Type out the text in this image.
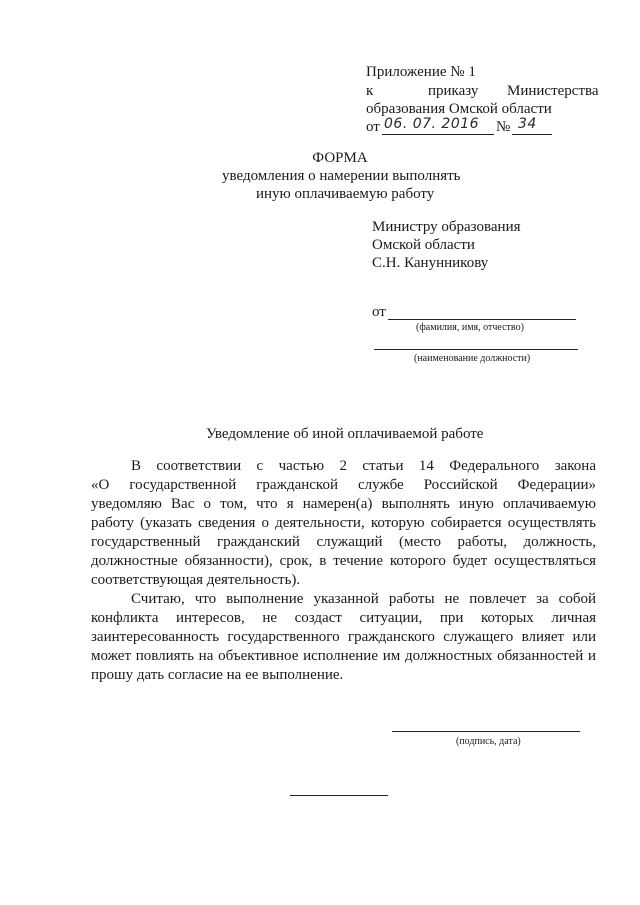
Приложение № 1
к	приказу Министерства
образования Омской области
от 06. 07. 2016 № 34
ФОРМА
уведомления о намерении выполнять
иную оплачиваемую работу
Министру образования
Омской области
С.Н. Канунникову
от
(фамилия, имя, отчество)
(наименование должности)
Уведомление об иной оплачиваемой работе
В соответствии с частью 2 статьи 14 Федерального закона
«О государственной гражданской службе Российской Федерации»
уведомляю Вас о том, что я намерен(а) выполнять иную оплачиваемую
работу (указать сведения о деятельности, которую собирается осуществлять
государственный гражданский служащий (место работы, должность,
должностные обязанности), срок, в течение которого будет осуществляться
соответствующая деятельность).
Считаю, что выполнение указанной работы не повлечет за собой
конфликта интересов, не создаст ситуации, при которых личная
заинтересованность государственного гражданского служащего влияет или
может повлиять на объективное исполнение им должностных обязанностей и
прошу дать согласие на ее выполнение.
(подпись, дата)
